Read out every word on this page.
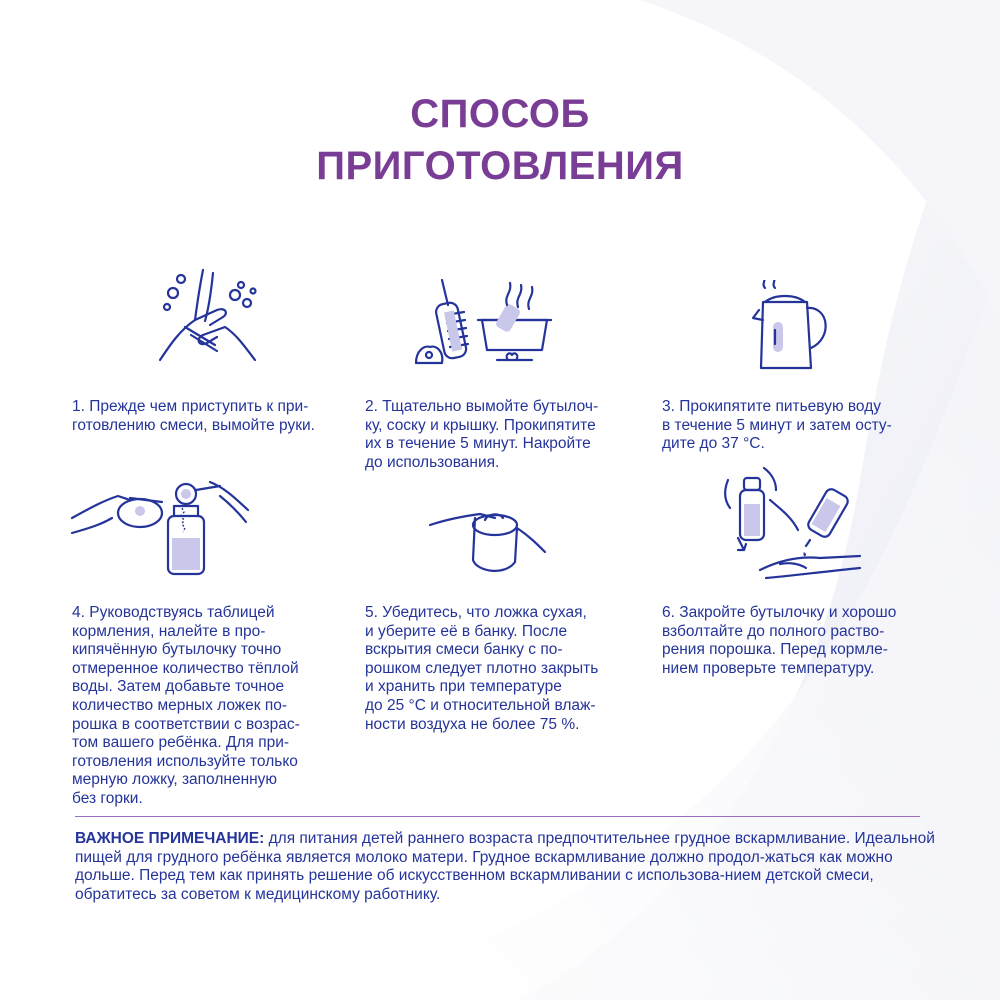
СПОСОБ
ПРИГОТОВЛЕНИЯ
1. Прежде чем приступить к при-
готовлению смеси, вымойте руки.
2. Тщательно вымойте бутылоч-
ку, соску и крышку. Прокипятите
их в течение 5 минут. Накройте
до использования.
3. Прокипятите питьевую воду
в течение 5 минут и затем осту-
дите до 37 °С.
4. Руководствуясь таблицей
кормления, налейте в про-
кипячённую бутылочку точно
отмеренное количество тёплой
воды. Затем добавьте точное
количество мерных ложек по-
рошка в соответствии с возрас-
том вашего ребёнка. Для при-
готовления используйте только
мерную ложку, заполненную
без горки.
5. Убедитесь, что ложка сухая,
и уберите её в банку. После
вскрытия смеси банку с по-
рошком следует плотно закрыть
и хранить при температуре
до 25 °С и относительной влаж-
ности воздуха не более 75 %.
6. Закройте бутылочку и хорошо
взболтайте до полного раство-
рения порошка. Перед кормле-
нием проверьте температуру.
ВАЖНОЕ ПРИМЕЧАНИЕ: для питания детей раннего возраста предпочтительнее грудное вскармливание. Идеальной пищей для грудного ребёнка является молоко матери. Грудное вскармливание должно продол-жаться как можно дольше. Перед тем как принять решение об искусственном вскармливании с использова-нием детской смеси, обратитесь за советом к медицинскому работнику.
